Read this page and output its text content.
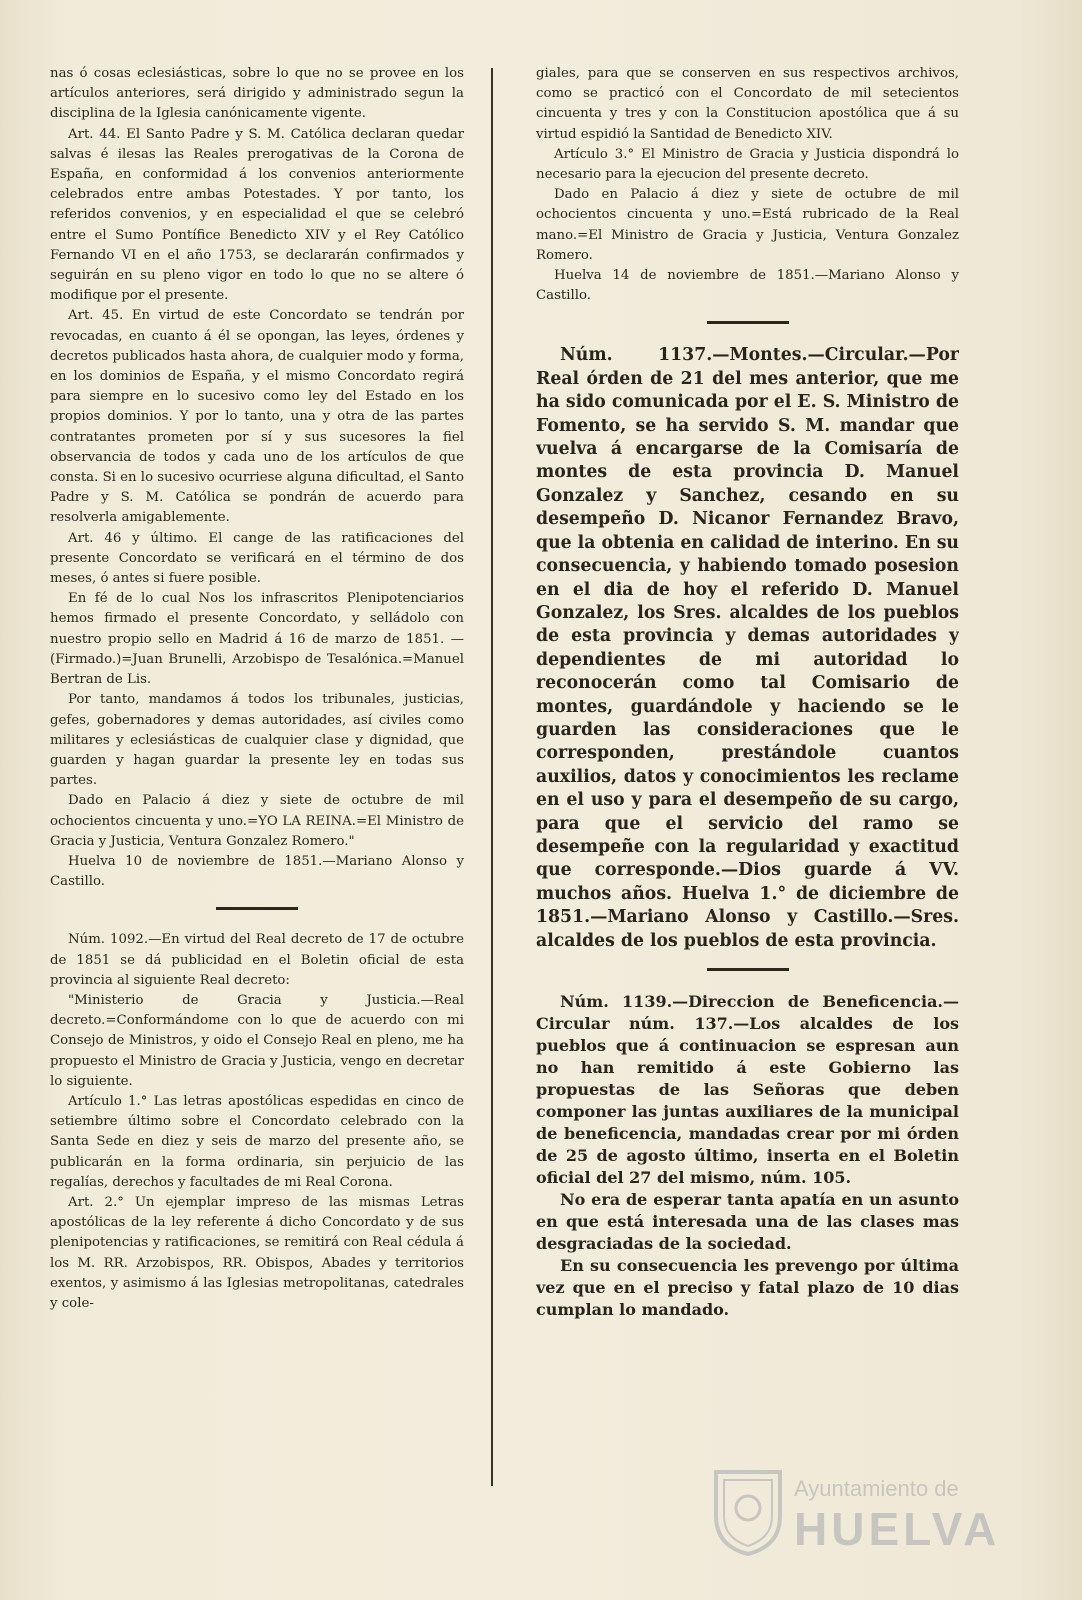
nas ó cosas eclesiásticas, sobre lo que no se provee en los artículos anteriores, será dirigido y administrado segun la disciplina de la Iglesia canónicamente vigente.

Art. 44. El Santo Padre y S. M. Católica declaran quedar salvas é ilesas las Reales prerogativas de la Corona de España, en conformidad á los convenios anteriormente celebrados entre ambas Potestades. Y por tanto, los referidos convenios, y en especialidad el que se celebró entre el Sumo Pontífice Benedicto XIV y el Rey Católico Fernando VI en el año 1753, se declararán confirmados y seguirán en su pleno vigor en todo lo que no se altere ó modifique por el presente.

Art. 45. En virtud de este Concordato se tendrán por revocadas, en cuanto á él se opongan, las leyes, órdenes y decretos publicados hasta ahora, de cualquier modo y forma, en los dominios de España, y el mismo Concordato regirá para siempre en lo sucesivo como ley del Estado en los propios dominios. Y por lo tanto, una y otra de las partes contratantes prometen por sí y sus sucesores la fiel observancia de todos y cada uno de los artículos de que consta. Si en lo sucesivo ocurriese alguna dificultad, el Santo Padre y S. M. Católica se pondrán de acuerdo para resolverla amigablemente.

Art. 46 y último. El cange de las ratificaciones del presente Concordato se verificará en el término de dos meses, ó antes si fuere posible.

En fé de lo cual Nos los infrascritos Plenipotenciarios hemos firmado el presente Concordato, y selládolo con nuestro propio sello en Madrid á 16 de marzo de 1851. —(Firmado.)=Juan Brunelli, Arzobispo de Tesalónica.=Manuel Bertran de Lis.

Por tanto, mandamos á todos los tribunales, justicias, gefes, gobernadores y demas autoridades, así civiles como militares y eclesiásticas de cualquier clase y dignidad, que guarden y hagan guardar la presente ley en todas sus partes.

Dado en Palacio á diez y siete de octubre de mil ochocientos cincuenta y uno.=YO LA REINA.=El Ministro de Gracia y Justicia, Ventura Gonzalez Romero."

Huelva 10 de noviembre de 1851.—Mariano Alonso y Castillo.

Núm. 1092.—En virtud del Real decreto de 17 de octubre de 1851 se dá publicidad en el Boletin oficial de esta provincia al siguiente Real decreto:

"Ministerio de Gracia y Justicia.—Real decreto.=Conformándome con lo que de acuerdo con mi Consejo de Ministros, y oido el Consejo Real en pleno, me ha propuesto el Ministro de Gracia y Justicia, vengo en decretar lo siguiente.

Artículo 1.° Las letras apostólicas espedidas en cinco de setiembre último sobre el Concordato celebrado con la Santa Sede en diez y seis de marzo del presente año, se publicarán en la forma ordinaria, sin perjuicio de las regalías, derechos y facultades de mi Real Corona.

Art. 2.° Un ejemplar impreso de las mismas Letras apostólicas de la ley referente á dicho Concordato y de sus plenipotencias y ratificaciones, se remitirá con Real cédula á los M. RR. Arzobispos, RR. Obispos, Abades y territorios exentos, y asimismo á las Iglesias metropolitanas, catedrales y cole-

giales, para que se conserven en sus respectivos archivos, como se practicó con el Concordato de mil setecientos cincuenta y tres y con la Constitucion apostólica que á su virtud espidió la Santidad de Benedicto XIV.

Artículo 3.° El Ministro de Gracia y Justicia dispondrá lo necesario para la ejecucion del presente decreto.

Dado en Palacio á diez y siete de octubre de mil ochocientos cincuenta y uno.=Está rubricado de la Real mano.=El Ministro de Gracia y Justicia, Ventura Gonzalez Romero.

Huelva 14 de noviembre de 1851.—Mariano Alonso y Castillo.

Núm. 1137.—Montes.—Circular.—Por Real órden de 21 del mes anterior, que me ha sido comunicada por el E. S. Ministro de Fomento, se ha servido S. M. mandar que vuelva á encargarse de la Comisaría de montes de esta provincia D. Manuel Gonzalez y Sanchez, cesando en su desempeño D. Nicanor Fernandez Bravo, que la obtenia en calidad de interino. En su consecuencia, y habiendo tomado posesion en el dia de hoy el referido D. Manuel Gonzalez, los Sres. alcaldes de los pueblos de esta provincia y demas autoridades y dependientes de mi autoridad lo reconocerán como tal Comisario de montes, guardándole y haciendo se le guarden las consideraciones que le corresponden, prestándole cuantos auxilios, datos y conocimientos les reclame en el uso y para el desempeño de su cargo, para que el servicio del ramo se desempeñe con la regularidad y exactitud que corresponde.—Dios guarde á VV. muchos años. Huelva 1.° de diciembre de 1851.—Mariano Alonso y Castillo.—Sres. alcaldes de los pueblos de esta provincia.

Núm. 1139.—Direccion de Beneficencia.—Circular núm. 137.—Los alcaldes de los pueblos que á continuacion se espresan aun no han remitido á este Gobierno las propuestas de las Señoras que deben componer las juntas auxiliares de la municipal de beneficencia, mandadas crear por mi órden de 25 de agosto último, inserta en el Boletin oficial del 27 del mismo, núm. 105.

No era de esperar tanta apatía en un asunto en que está interesada una de las clases mas desgraciadas de la sociedad.

En su consecuencia les prevengo por última vez que en el preciso y fatal plazo de 10 dias cumplan lo mandado.

Ayuntamiento de
HUELVA
